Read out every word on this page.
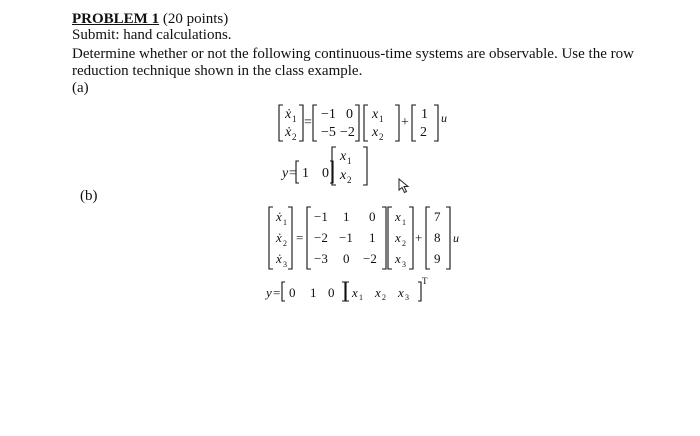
PROBLEM 1 (20 points)
Submit: hand calculations.
Determine whether or not the following continuous-time systems are observable. Use the row
reduction technique shown in the class example.
(a)
(b)
ẋ 1
ẋ 2
=
−1 0
−5 −2
x 1
x 2
+
1
2
u
y = 1 0
x 1
x 2
ẋ 1
ẋ 2
ẋ 3
=
−1 1 0
−2 −1 1
−3 0 −2
x 1
x 2
x 3
+
7
8
9
u
y = 0 1 0 x 1 x 2 x 3
T
